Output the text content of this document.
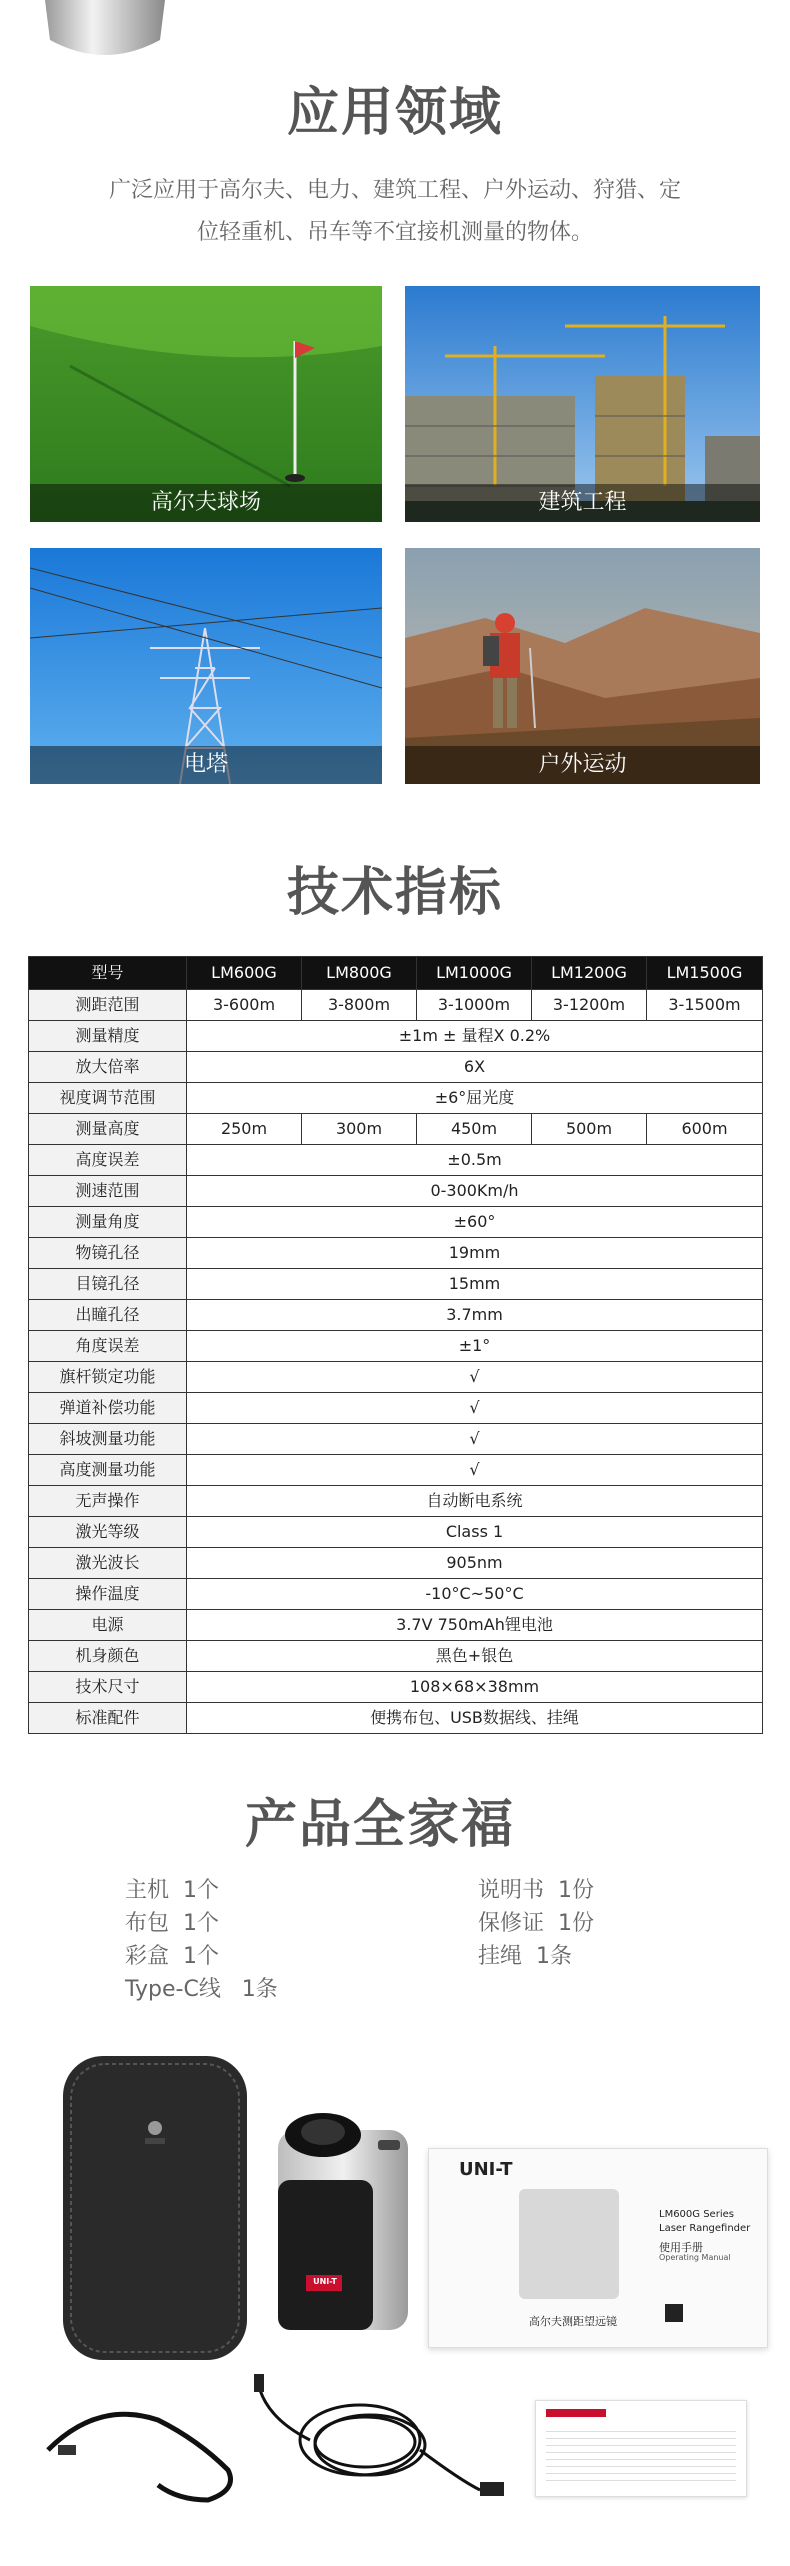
应用领域
广泛应用于高尔夫、电力、建筑工程、户外运动、狩猎、定
位轻重机、吊车等不宜接机测量的物体。
高尔夫球场	建筑工程
电塔	户外运动
技术指标
型号	LM600G	LM800G	LM1000G	LM1200G	LM1500G
测距范围	3-600m	3-800m	3-1000m	3-1200m	3-1500m
测量精度	±1m ± 量程X 0.2%				
放大倍率	6X				
视度调节范围	±6°屈光度				
测量高度	250m	300m	450m	500m	600m
高度误差	±0.5m				
测速范围	0-300Km/h				
测量角度	±60°				
物镜孔径	19mm				
目镜孔径	15mm				
出瞳孔径	3.7mm				
角度误差	±1°				
旗杆锁定功能	√				
弹道补偿功能	√				
斜坡测量功能	√				
高度测量功能	√				
无声操作	自动断电系统				
激光等级	Class 1				
激光波长	905nm				
操作温度	-10°C~50°C				
电源	3.7V 750mAh锂电池				
机身颜色	黑色+银色				
技术尺寸	108×68×38mm				
标准配件	便携布包、USB数据线、挂绳				
产品全家福
主机  1个
布包  1个
彩盒  1个
Type-C线   1条
说明书  1份
保修证  1份
挂绳  1条
UNI-T
UNI-T
LM600G Series
Laser Rangefinder
使用手册
Operating Manual
高尔夫测距望远镜
